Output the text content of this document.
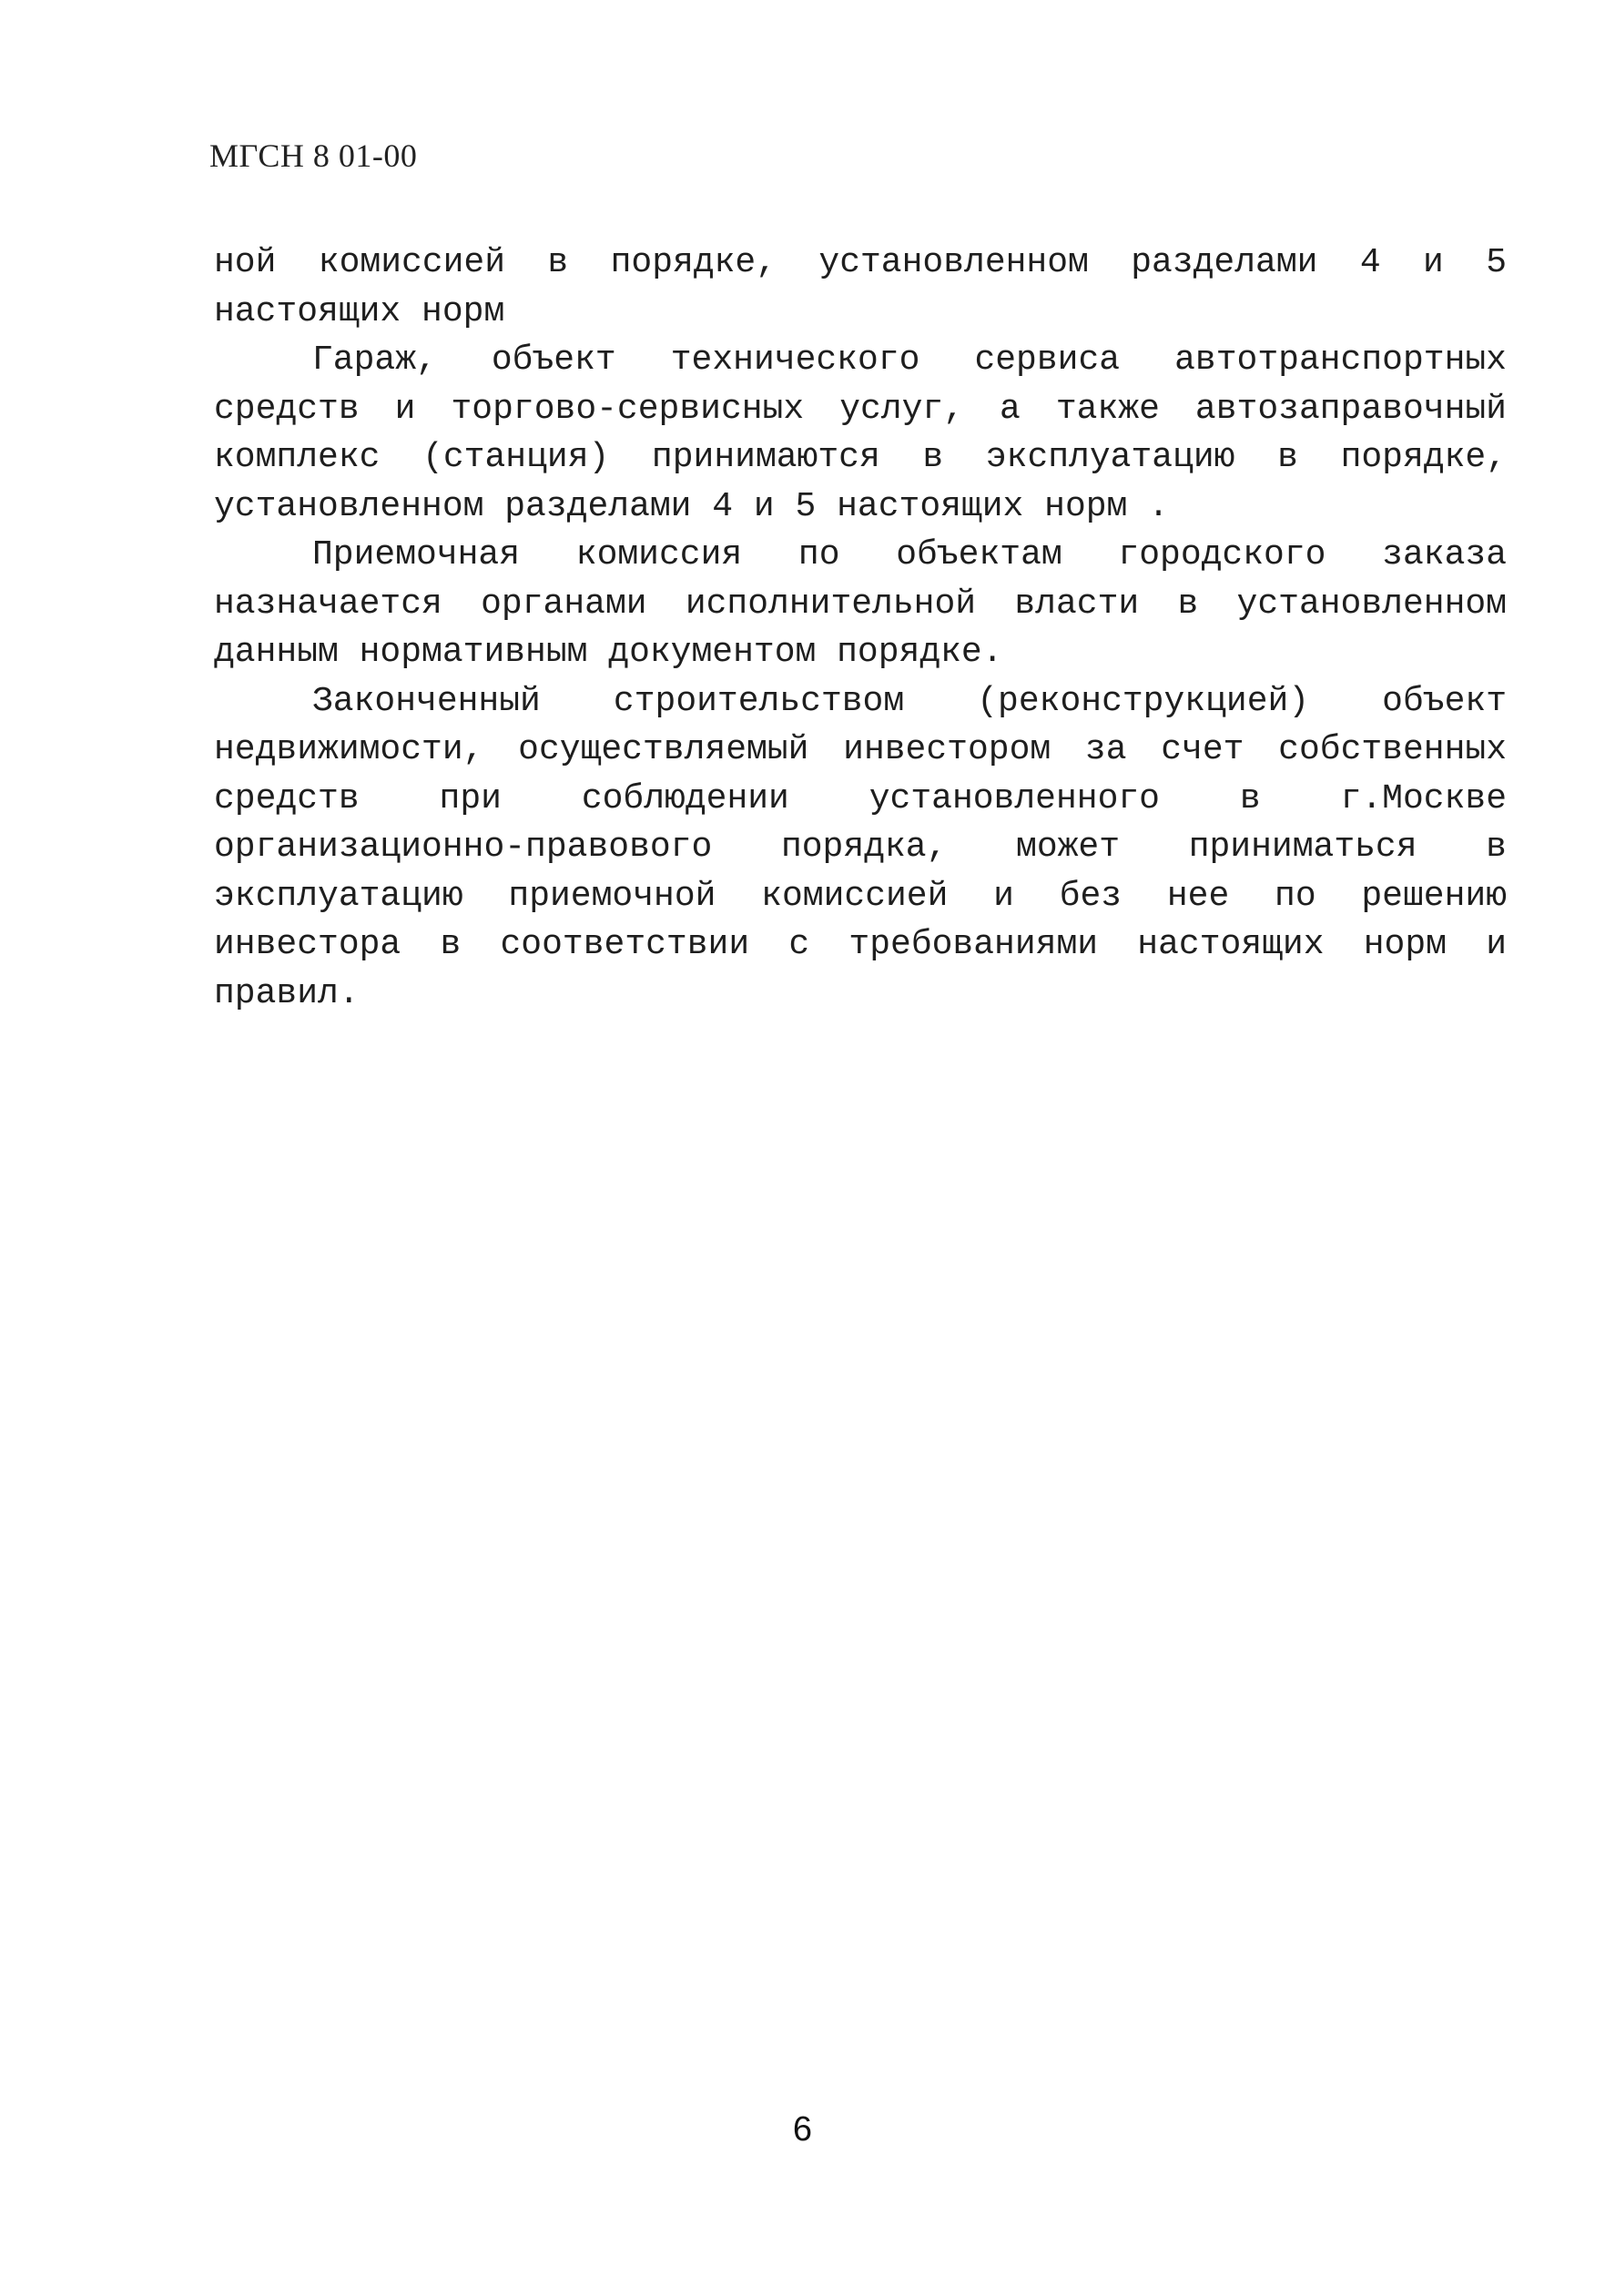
МГСН 8 01-00

ной комиссией в порядке, установленном разделами 4 и 5 настоящих норм

Гараж, объект технического сервиса автотранспортных средств и торгово-сервисных услуг, а также автозаправочный комплекс (станция) принимаются в эксплуатацию в порядке, установленном разделами 4 и 5 настоящих норм .

Приемочная комиссия по объектам городского заказа назначается органами исполнительной власти в установленном данным нормативным документом порядке.

Законченный строительством (реконструкцией) объект недвижимости, осуществляемый инвестором за счет собственных средств при соблюдении установленного в г.Москве организационно-правового порядка, может приниматься в эксплуатацию приемочной комиссией и без нее по решению инвестора в соответствии с требованиями настоящих норм и правил.

6
